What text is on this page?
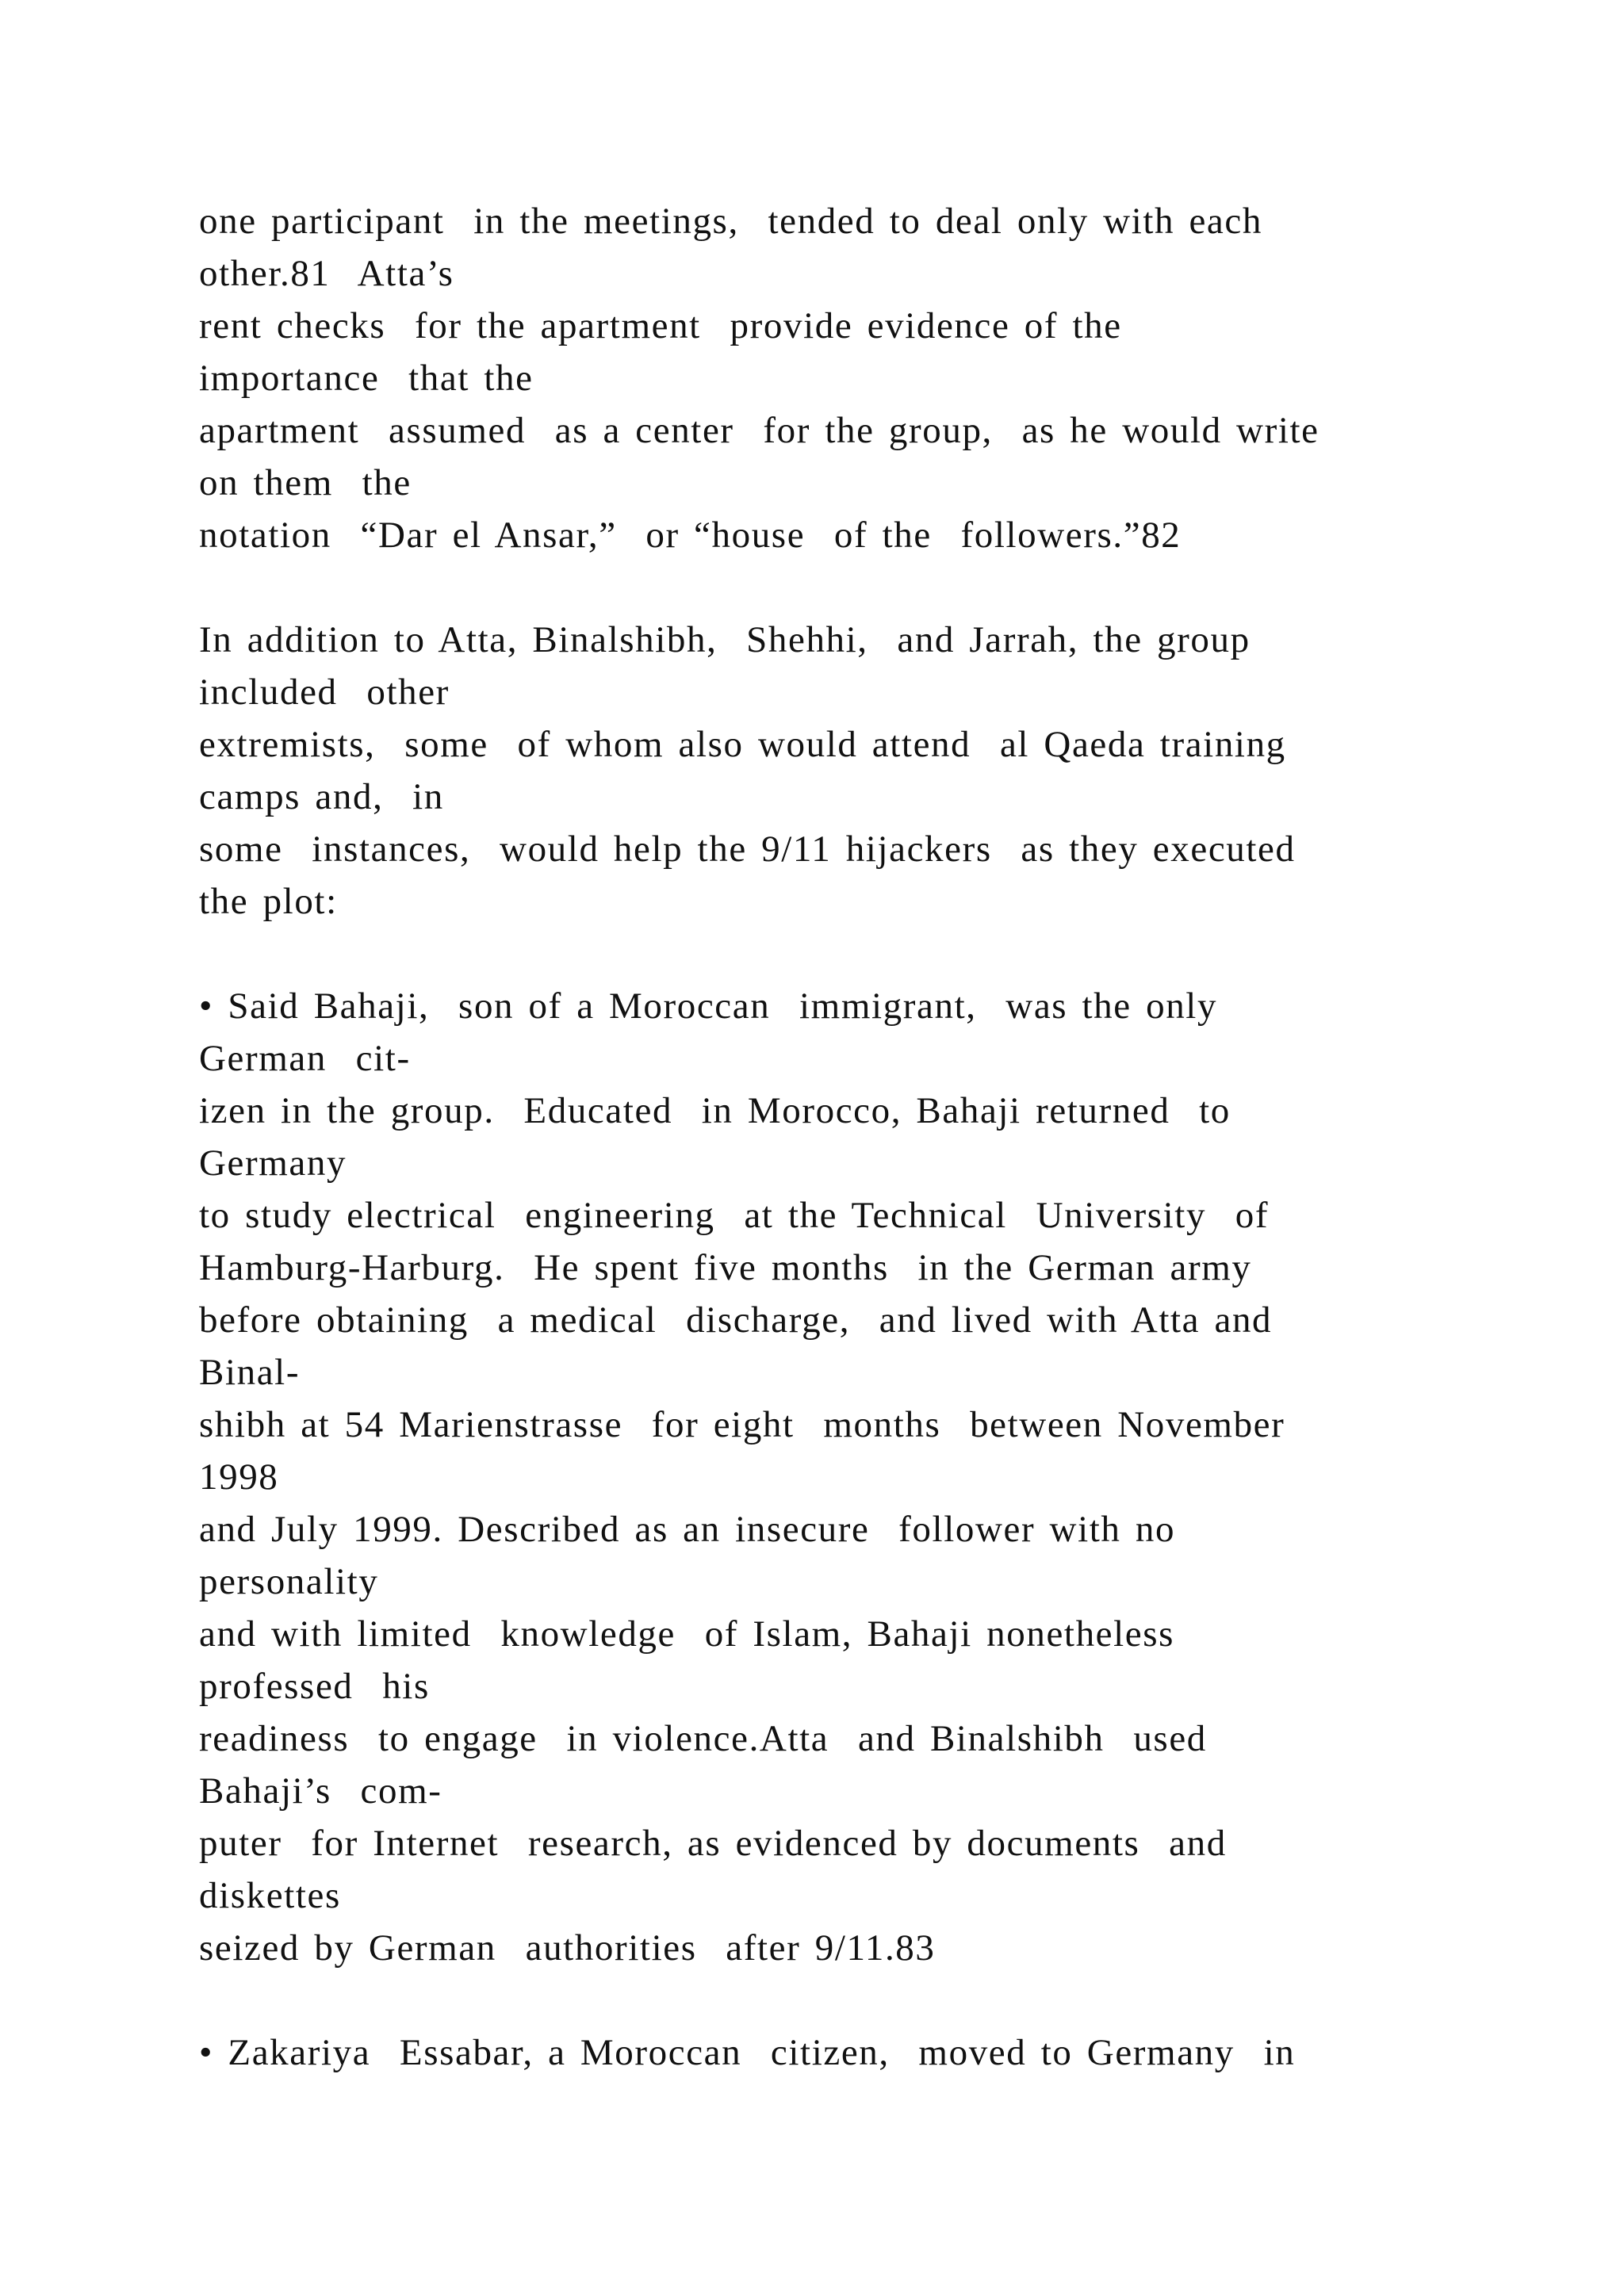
one participant  in the meetings,  tended to deal only with each
other.81  Atta’s
rent checks  for the apartment  provide evidence of the
importance  that the
apartment  assumed  as a center  for the group,  as he would write
on them  the
notation  “Dar el Ansar,”  or “house  of the  followers.”82
In addition to Atta, Binalshibh,  Shehhi,  and Jarrah, the group
included  other
extremists,  some  of whom also would attend  al Qaeda training
camps and,  in
some  instances,  would help the 9/11 hijackers  as they executed
the plot:
• Said Bahaji,  son of a Moroccan  immigrant,  was the only
German  cit-
izen in the group.  Educated  in Morocco, Bahaji returned  to
Germany
to study electrical  engineering  at the Technical  University  of
Hamburg-Harburg.  He spent five months  in the German army
before obtaining  a medical  discharge,  and lived with Atta and
Binal-
shibh at 54 Marienstrasse  for eight  months  between November
1998
and July 1999. Described as an insecure  follower with no
personality
and with limited  knowledge  of Islam, Bahaji nonetheless
professed  his
readiness  to engage  in violence.Atta  and Binalshibh  used
Bahaji’s  com-
puter  for Internet  research, as evidenced by documents  and
diskettes
seized by German  authorities  after 9/11.83
• Zakariya  Essabar, a Moroccan  citizen,  moved to Germany  in
